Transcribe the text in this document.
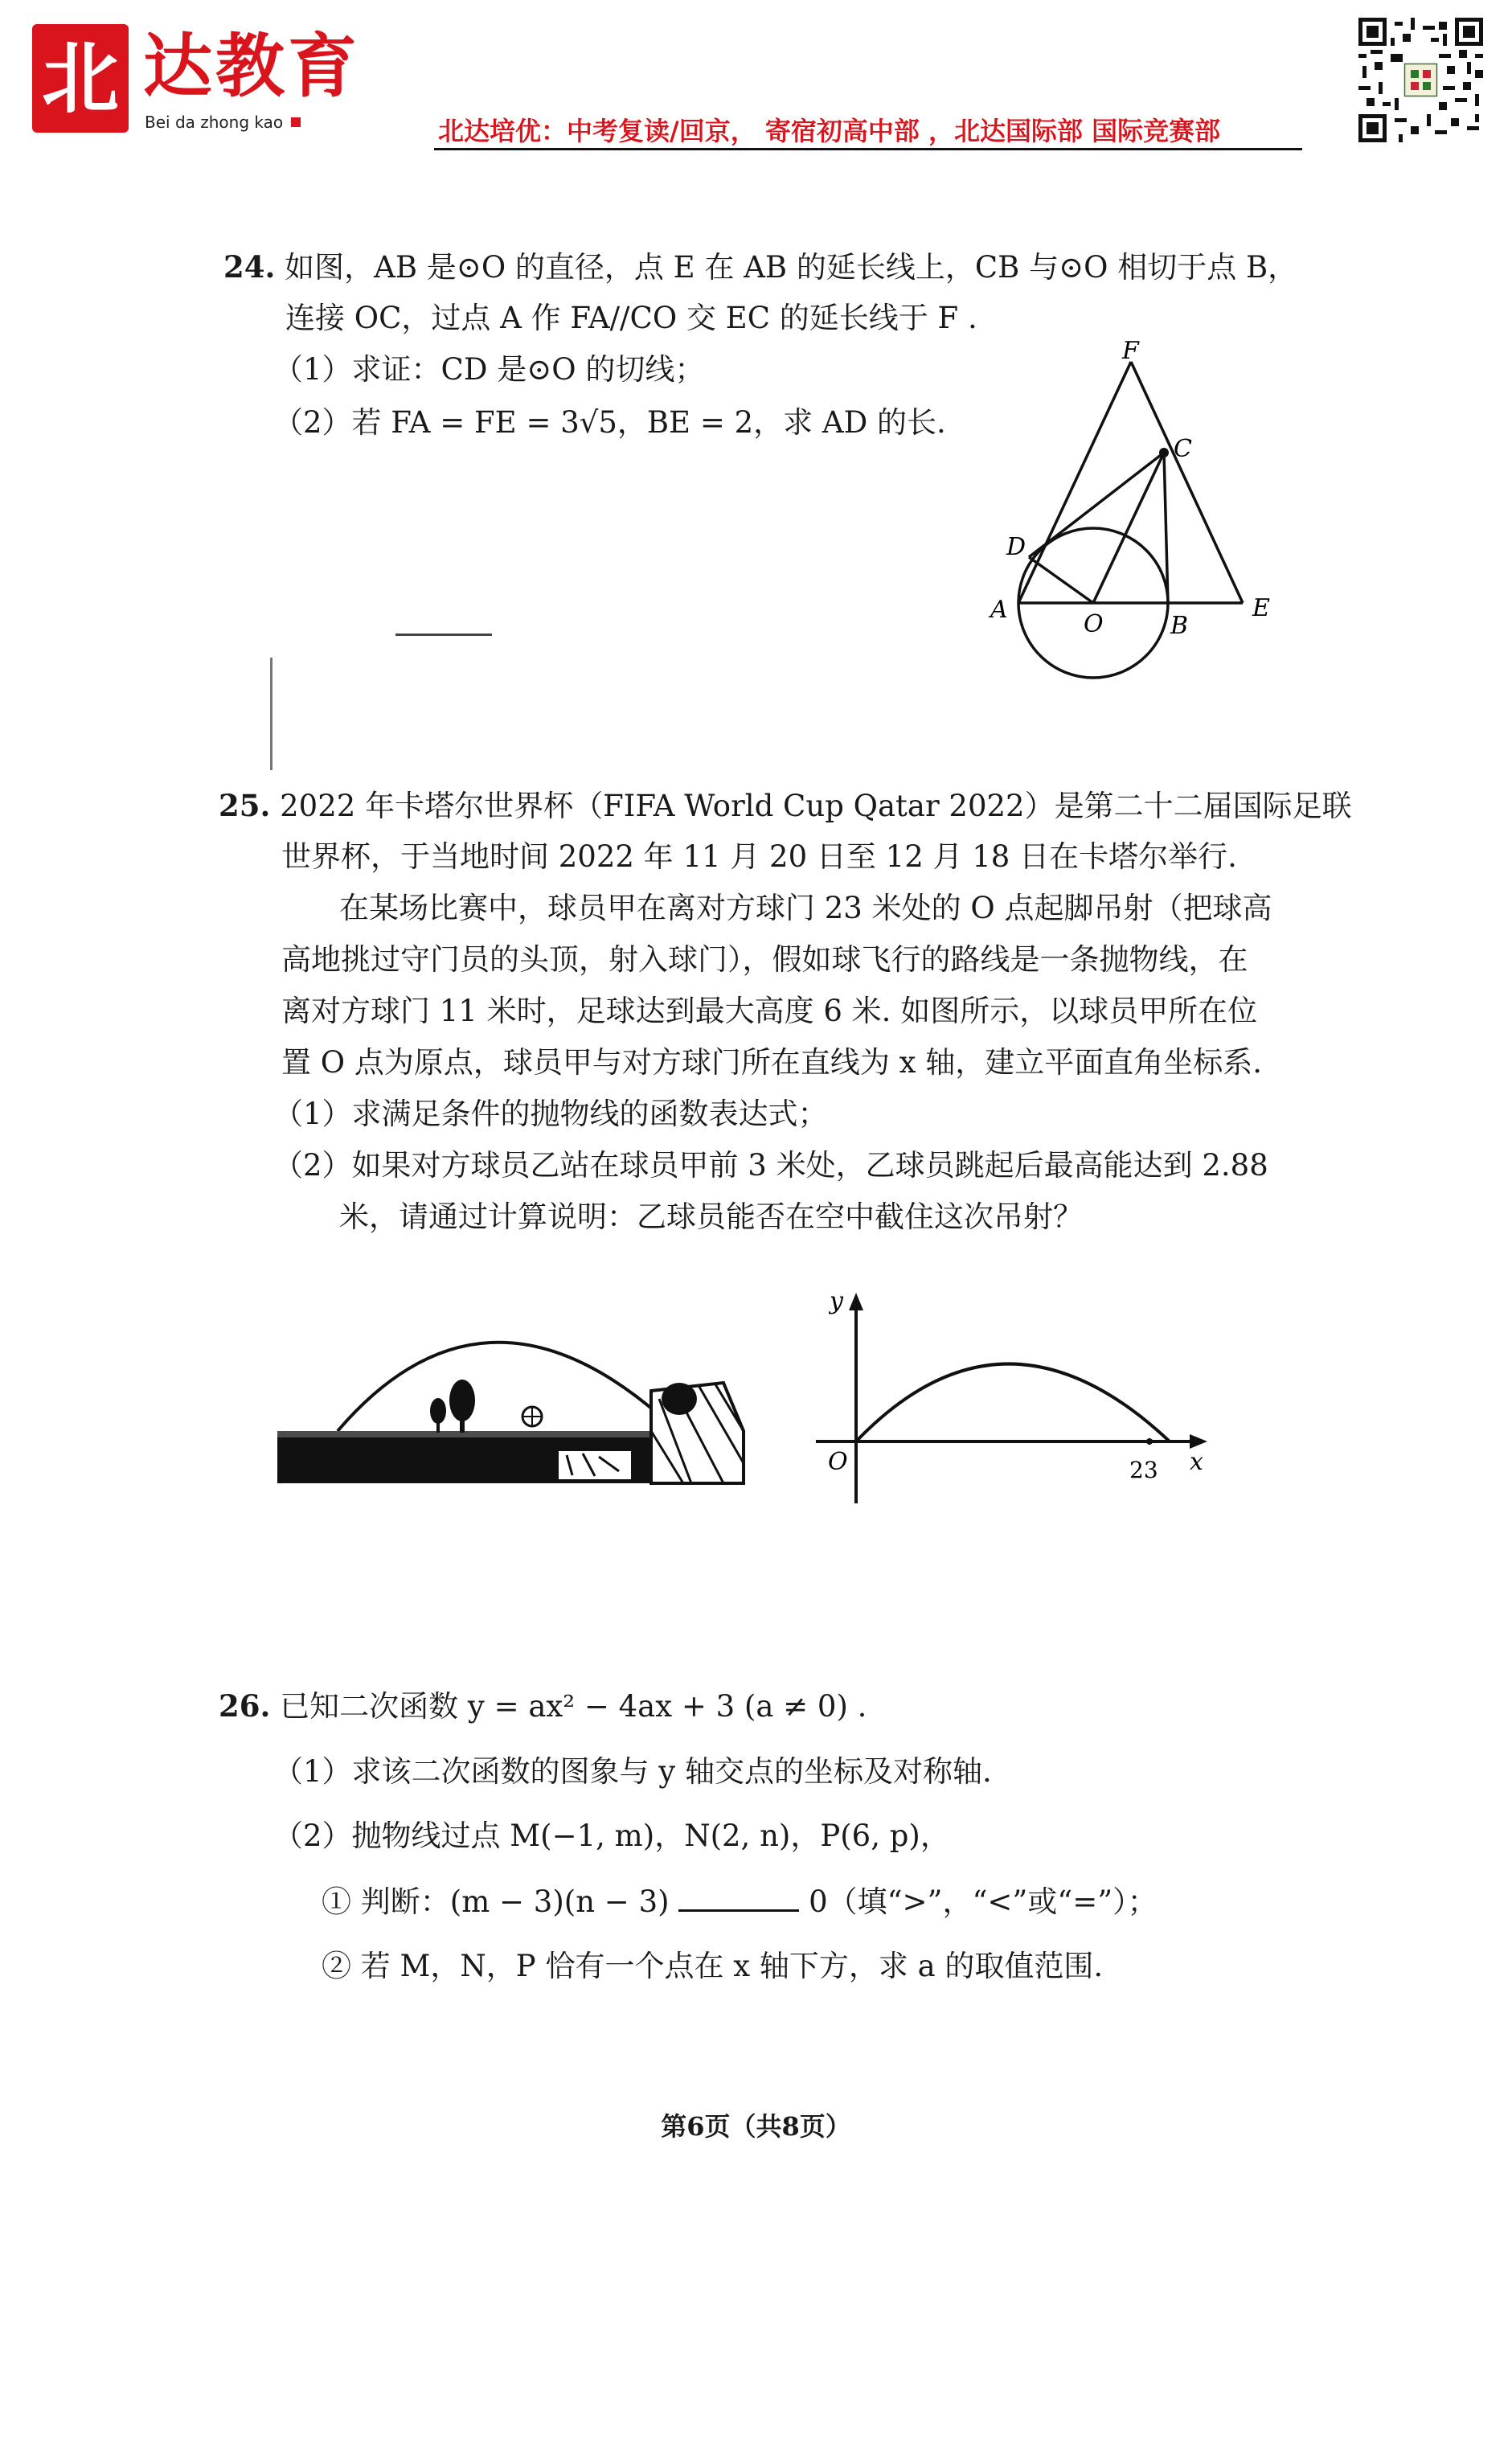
北 达教育
Bei da zhong kao	北达培优：中考复读/回京， 寄宿初高中部 ，北达国际部 国际竞赛部
24. 如图，AB 是⊙O 的直径，点 E 在 AB 的延长线上，CB 与⊙O 相切于点 B，
连接 OC，过点 A 作 FA//CO 交 EC 的延长线于 F .
（1）求证：CD 是⊙O 的切线；
（2）若 FA = FE = 3√5，BE = 2，求 AD 的长.
F
C
D
A
O	B
E
25. 2022 年卡塔尔世界杯（FIFA World Cup Qatar 2022）是第二十二届国际足联
世界杯，于当地时间 2022 年 11 月 20 日至 12 月 18 日在卡塔尔举行.
在某场比赛中，球员甲在离对方球门 23 米处的 O 点起脚吊射（把球高
高地挑过守门员的头顶，射入球门），假如球飞行的路线是一条抛物线，在
离对方球门 11 米时，足球达到最大高度 6 米. 如图所示，以球员甲所在位
置 O 点为原点，球员甲与对方球门所在直线为 x 轴，建立平面直角坐标系.
（1）求满足条件的抛物线的函数表达式；
（2）如果对方球员乙站在球员甲前 3 米处，乙球员跳起后最高能达到 2.88
米，请通过计算说明：乙球员能否在空中截住这次吊射？
y
x
O	23
26. 已知二次函数 y = ax² − 4ax + 3 (a ≠ 0) .
（1）求该二次函数的图象与 y 轴交点的坐标及对称轴.
（2）抛物线过点 M(−1, m)，N(2, n)，P(6, p)，
① 判断：(m − 3)(n − 3)	0（填“>”，“<”或“=”）；
② 若 M，N，P 恰有一个点在 x 轴下方，求 a 的取值范围.
第6页（共8页）
